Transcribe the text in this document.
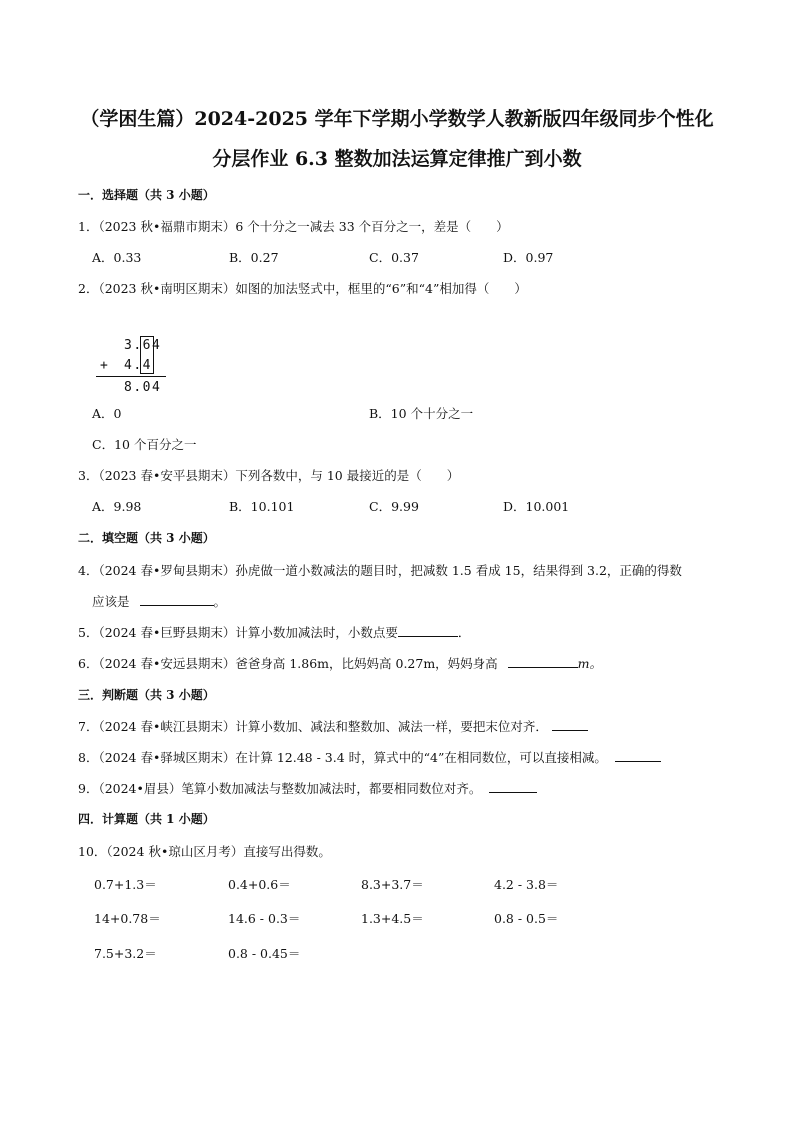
（学困生篇）2024-2025 学年下学期小学数学人教新版四年级同步个性化
分层作业 6.3 整数加法运算定律推广到小数
一．选择题（共 3 小题）
1．（2023 秋•福鼎市期末）6 个十分之一减去 33 个百分之一，差是（　　）
A．0.33	B．0.27	C．0.37	D．0.97
2．（2023 秋•南明区期末）如图的加法竖式中，框里的“6”和“4”相加得（　　）
3.64
+ 4.4
8.04
A．0	B．10 个十分之一
C．10 个百分之一
3．（2023 春•安平县期末）下列各数中，与 10 最接近的是（　　）
A．9.98	B．10.101	C．9.99	D．10.001
二．填空题（共 3 小题）
4．（2024 春•罗甸县期末）孙虎做一道小数减法的题目时，把减数 1.5 看成 15，结果得到 3.2，正确的得数
应该是	。
5．（2024 春•巨野县期末）计算小数加减法时，小数点要	．
6．（2024 春•安远县期末）爸爸身高 1.86m，比妈妈高 0.27m，妈妈身高	m。
三．判断题（共 3 小题）
7．（2024 春•峡江县期末）计算小数加、减法和整数加、减法一样，要把末位对齐．
8．（2024 春•驿城区期末）在计算 12.48 - 3.4 时，算式中的“4”在相同数位，可以直接相减。
9．（2024•眉县）笔算小数加减法与整数加减法时，都要相同数位对齐。
四．计算题（共 1 小题）
10．（2024 秋•琼山区月考）直接写出得数。
0.7+1.3＝	0.4+0.6＝	8.3+3.7＝	4.2 - 3.8＝
14+0.78＝	14.6 - 0.3＝	1.3+4.5＝	0.8 - 0.5＝
7.5+3.2＝	0.8 - 0.45＝
